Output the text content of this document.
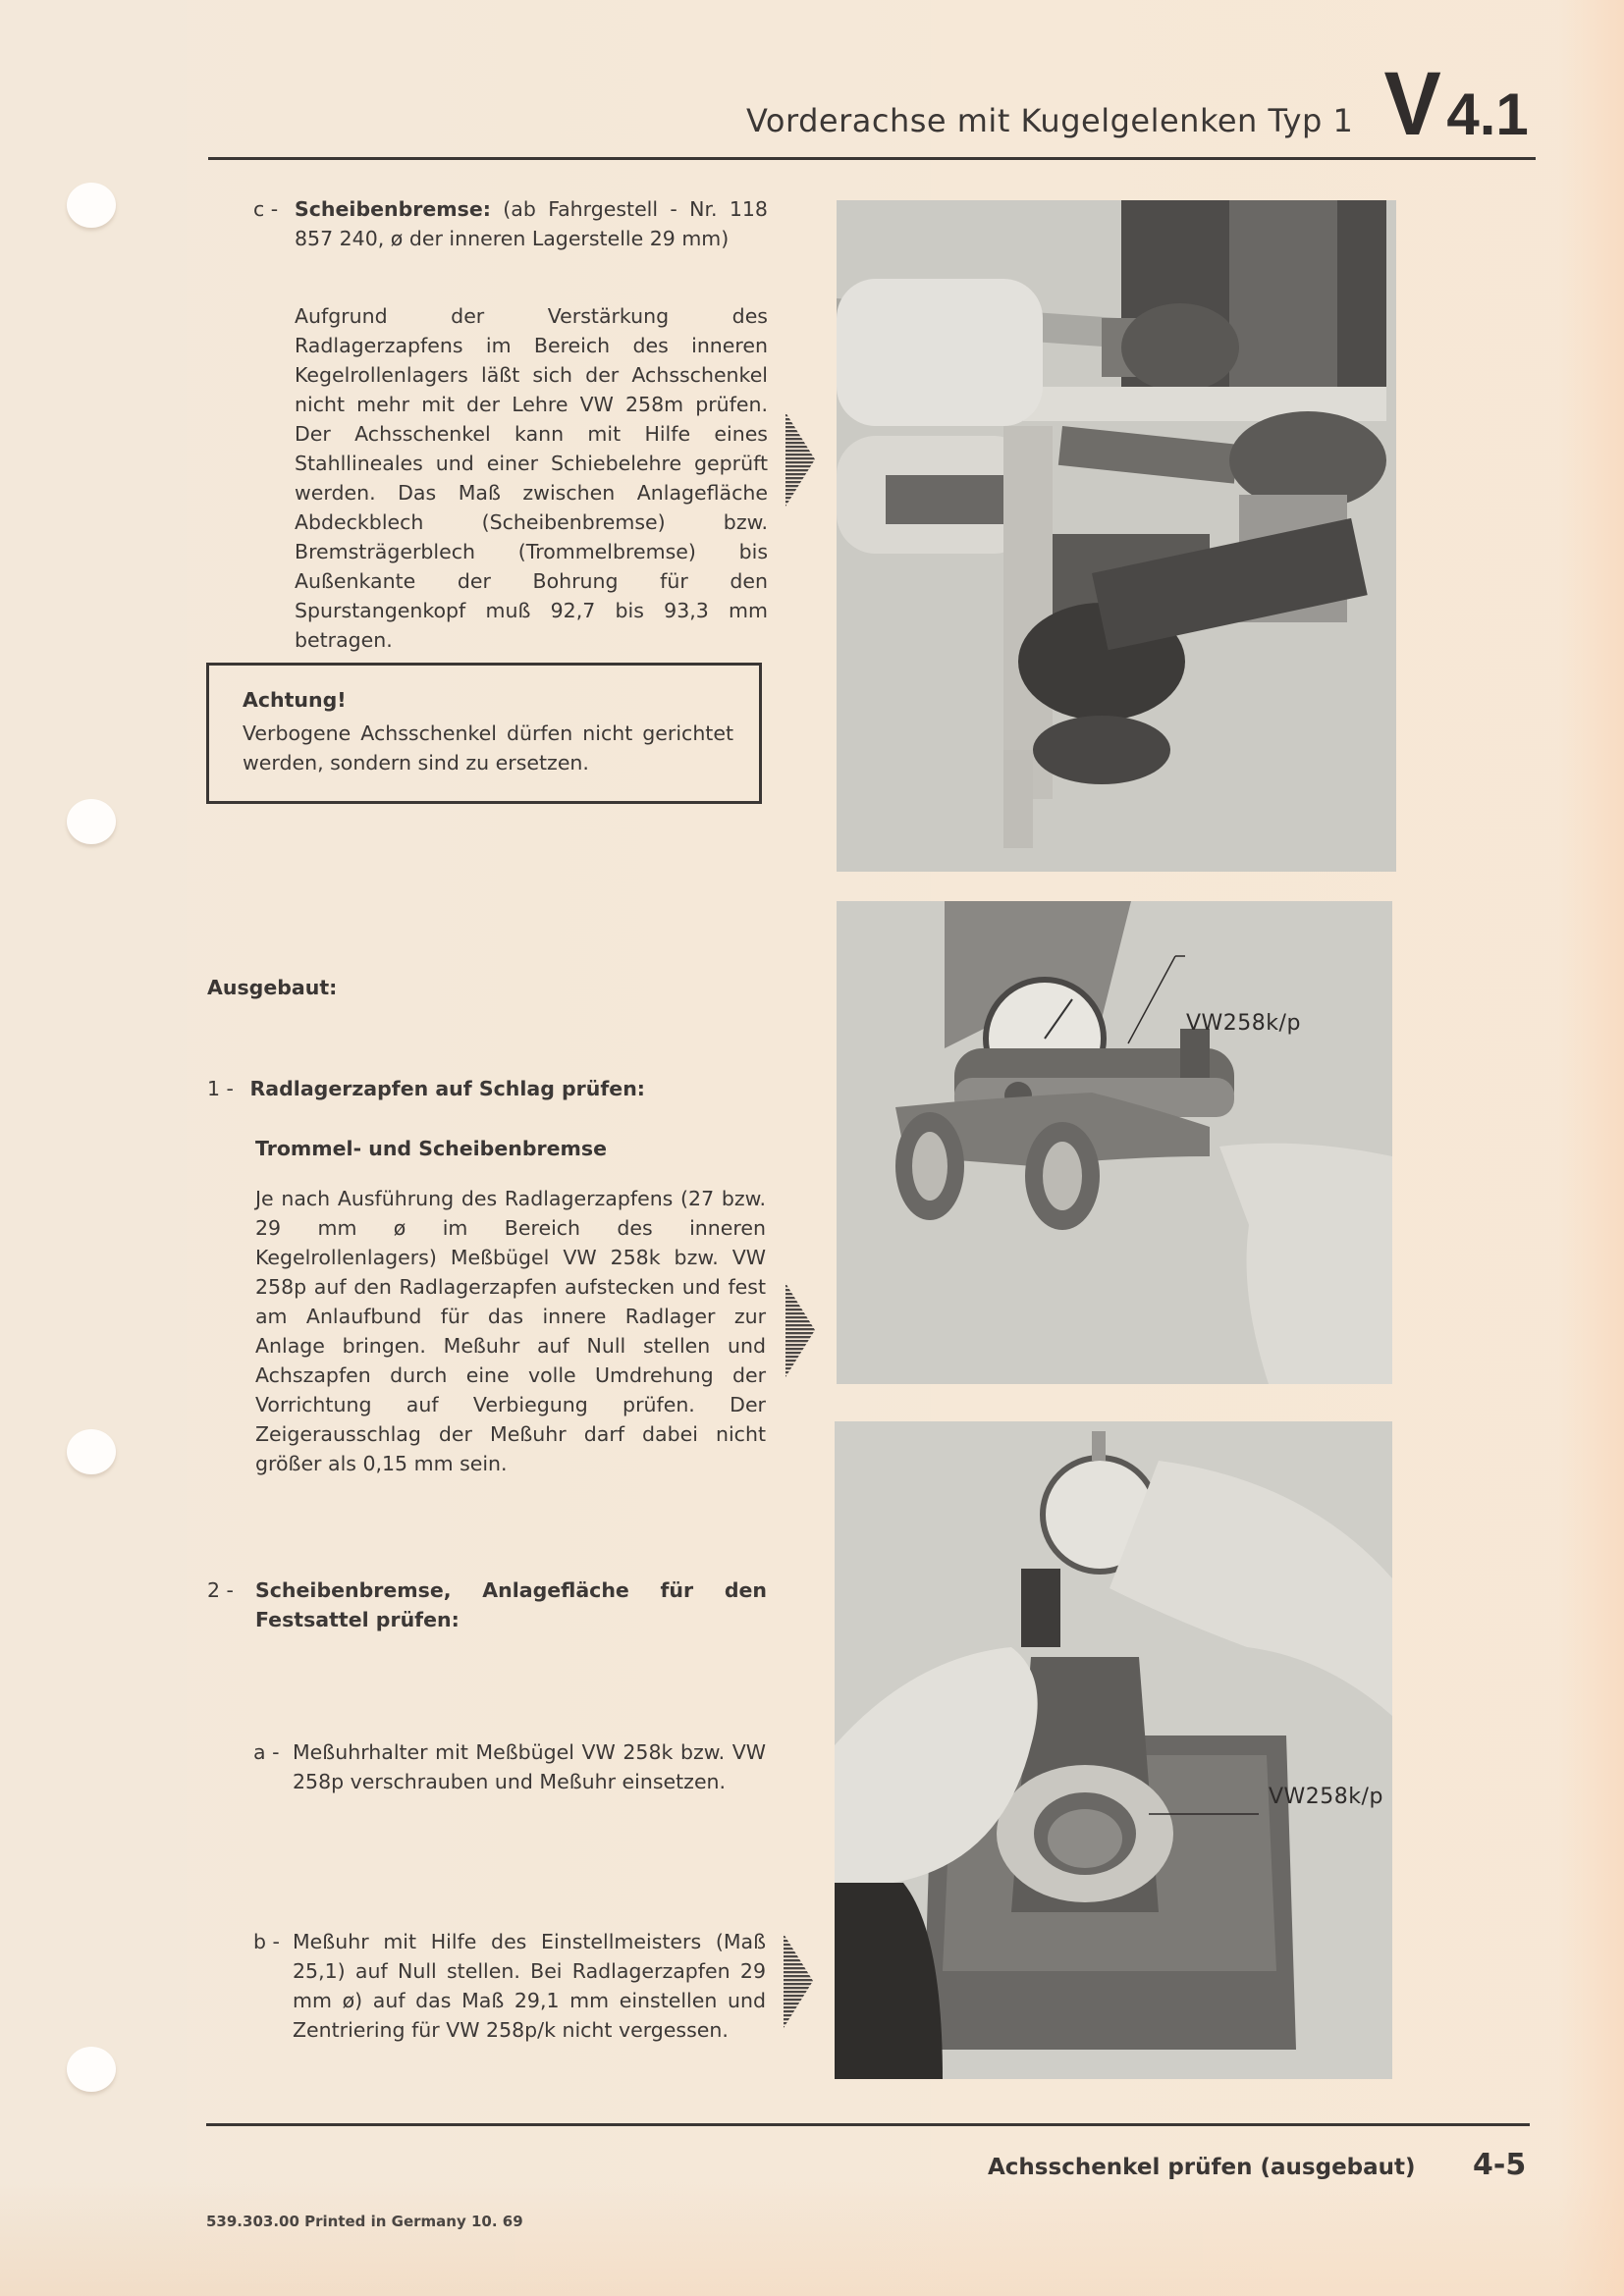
Vorderachse mit Kugelgelenken Typ 1 V4.1
c - Scheibenbremse: (ab Fahrgestell - Nr. 118 857 240, ø der inneren Lagerstelle 29 mm)
Aufgrund der Verstärkung des Radlagerzapfens im Bereich des inneren Kegelrollenlagers läßt sich der Achsschenkel nicht mehr mit der Lehre VW 258m prüfen. Der Achsschenkel kann mit Hilfe eines Stahllineales und einer Schiebelehre geprüft werden. Das Maß zwischen Anlagefläche Abdeckblech (Scheibenbremse) bzw. Bremsträgerblech (Trommelbremse) bis Außenkante der Bohrung für den Spurstangenkopf muß 92,7 bis 93,3 mm betragen.
Achtung!
Verbogene Achsschenkel dürfen nicht gerichtet werden, sondern sind zu ersetzen.
Ausgebaut:
1 - Radlagerzapfen auf Schlag prüfen:
Trommel- und Scheibenbremse
Je nach Ausführung des Radlagerzapfens (27 bzw. 29 mm ø im Bereich des inneren Kegelrollenlagers) Meßbügel VW 258k bzw. VW 258p auf den Radlagerzapfen aufstecken und fest am Anlaufbund für das innere Radlager zur Anlage bringen. Meßuhr auf Null stellen und Achszapfen durch eine volle Umdrehung der Vorrichtung auf Verbiegung prüfen. Der Zeigerausschlag der Meßuhr darf dabei nicht größer als 0,15 mm sein.
2 - Scheibenbremse, Anlagefläche für den Festsattel prüfen:
a - Meßuhrhalter mit Meßbügel VW 258k bzw. VW 258p verschrauben und Meßuhr einsetzen.
b - Meßuhr mit Hilfe des Einstellmeisters (Maß 25,1) auf Null stellen. Bei Radlagerzapfen 29 mm ø) auf das Maß 29,1 mm einstellen und Zentriering für VW 258p/k nicht vergessen.
VW258k/p
VW258k/p
Achsschenkel prüfen (ausgebaut) 4-5
539.303.00 Printed in Germany 10. 69
